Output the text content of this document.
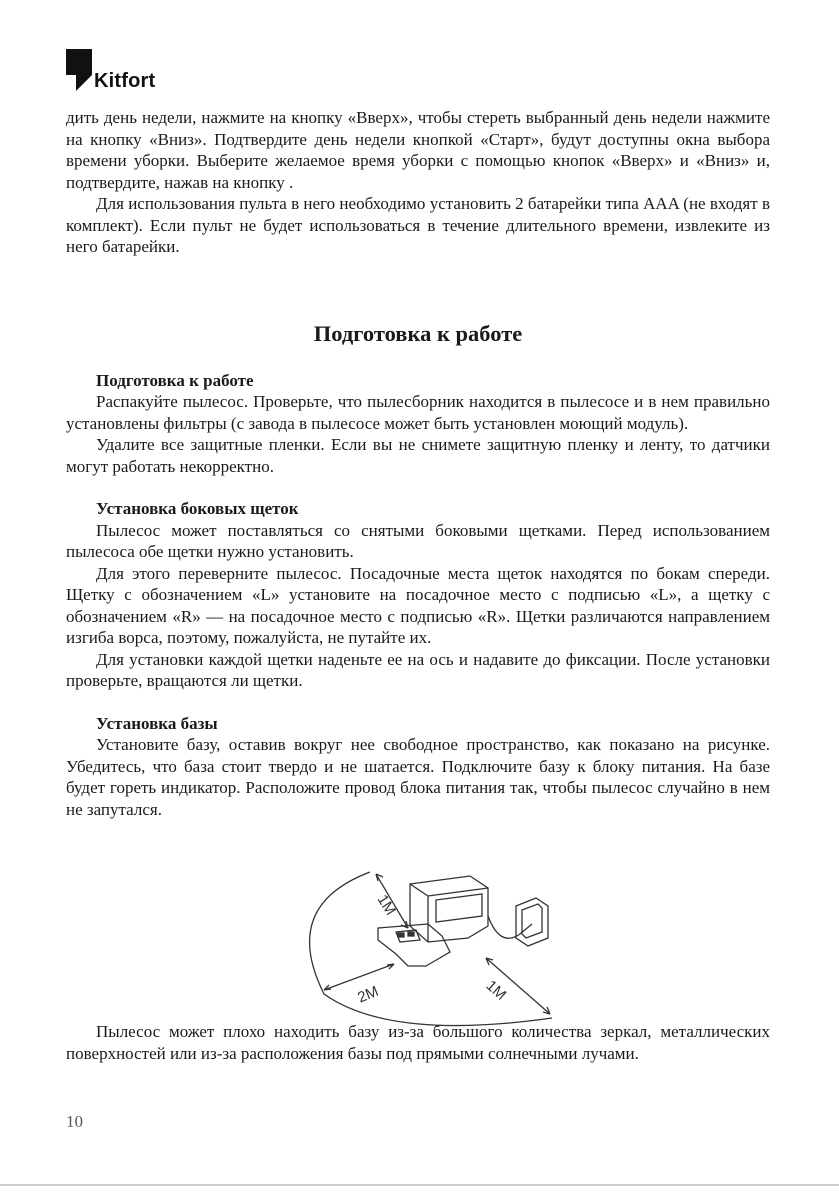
Kitfort

дить день недели, нажмите на кнопку «Вверх», чтобы стереть выбранный день недели нажмите на кнопку «Вниз». Подтвердите день недели кнопкой «Старт», будут доступны окна выбора времени уборки. Выберите желаемое время уборки с помощью кнопок «Вверх» и «Вниз» и, подтвердите, нажав на кнопку .

Для использования пульта в него необходимо установить 2 батарейки типа AAA (не входят в комплект). Если пульт не будет использоваться в течение длительного времени, извлеките из него батарейки.

Подготовка к работе

Подготовка к работе

Распакуйте пылесос. Проверьте, что пылесборник находится в пылесосе и в нем правильно установлены фильтры (с завода в пылесосе может быть установлен моющий модуль).

Удалите все защитные пленки. Если вы не снимете защитную пленку и ленту, то датчики могут работать некорректно.

Установка боковых щеток

Пылесос может поставляться со снятыми боковыми щетками. Перед использованием пылесоса обе щетки нужно установить.

Для этого переверните пылесос. Посадочные места щеток находятся по бокам спереди. Щетку с обозначением «L» установите на посадочное место с подписью «L», а щетку с обозначением «R» — на посадочное место с подписью «R». Щетки различаются направлением изгиба ворса, поэтому, пожалуйста, не путайте их.

Для установки каждой щетки наденьте ее на ось и надавите до фиксации. После установки проверьте, вращаются ли щетки.

Установка базы

Установите базу, оставив вокруг нее свободное пространство, как показано на рисунке. Убедитесь, что база стоит твердо и не шатается. Подключите базу к блоку питания. На базе будет гореть индикатор. Расположите провод блока питания так, чтобы пылесос случайно в нем не запутался.

Пылесос может плохо находить базу из-за большого количества зеркал, металлических поверхностей или из-за расположения базы под прямыми солнечными лучами.

1M
2M	1M
10
